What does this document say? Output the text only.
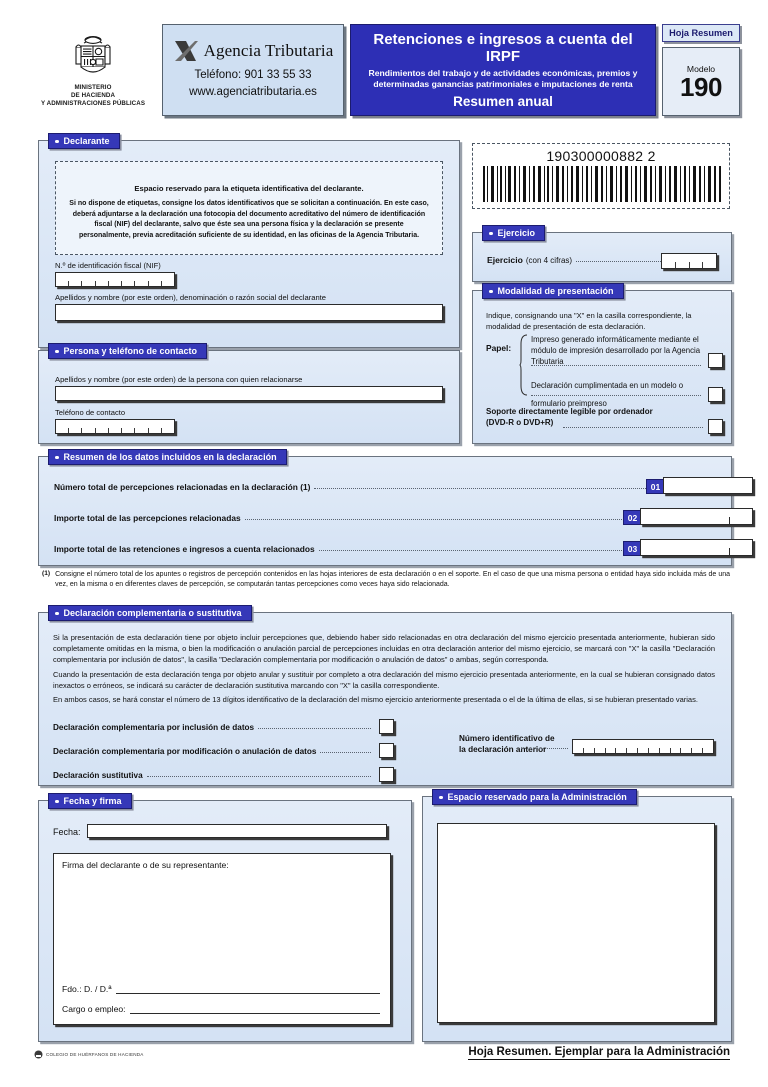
MINISTERIO
DE HACIENDA
Y ADMINISTRACIONES PÚBLICAS
Agencia Tributaria
Teléfono: 901 33 55 33
www.agenciatributaria.es
Retenciones e ingresos a cuenta del IRPF
Rendimientos del trabajo y de actividades económicas, premios y
determinadas ganancias patrimoniales e imputaciones de renta
Resumen anual
Hoja Resumen
Modelo
190
Declarante
Espacio reservado para la etiqueta identificativa del declarante.
Si no dispone de etiquetas, consigne los datos identificativos que se solicitan a continuación. En este caso, deberá adjuntarse a la declaración una fotocopia del documento acreditativo del número de identificación fiscal (NIF) del declarante, salvo que éste sea una persona física y la declaración se presente personalmente, previa acreditación suficiente de su identidad, en las oficinas de la Agencia Tributaria.
N.º de identificación fiscal (NIF)
Apellidos y nombre (por este orden), denominación o razón social del declarante
Persona y teléfono de contacto
Apellidos y nombre (por este orden) de la persona con quien relacionarse
Teléfono de contacto
190300000882 2
Ejercicio
Ejercicio (con 4 cifras)
Modalidad de presentación
Indique, consignando una "X" en la casilla correspondiente, la modalidad de presentación de esta declaración.
Papel:
Impreso generado informáticamente mediante el módulo de impresión desarrollado por la Agencia Tributaria
Declaración cumplimentada en un modelo o formulario preimpreso
Soporte directamente legible por ordenador
(DVD-R o DVD+R)
Resumen de los datos incluidos en la declaración
Número total de percepciones relacionadas en la declaración (1)	01
Importe total de las percepciones relacionadas	02
Importe total de las retenciones e ingresos a cuenta relacionados	03
(1) Consigne el número total de los apuntes o registros de percepción contenidos en las hojas interiores de esta declaración o en el soporte. En el caso de que una misma persona o entidad haya sido incluida más de una vez, en la misma o en diferentes claves de percepción, se computarán tantas percepciones como veces haya sido relacionada.
Declaración complementaria o sustitutiva
Si la presentación de esta declaración tiene por objeto incluir percepciones que, debiendo haber sido relacionadas en otra declaración del mismo ejercicio presentada anteriormente, hubieran sido completamente omitidas en la misma, o bien la modificación o anulación parcial de percepciones incluidas en otra declaración anterior del mismo ejercicio, se marcará con "X" la casilla "Declaración complementaria por inclusión de datos", la casilla "Declaración complementaria por modificación o anulación de datos" o ambas, según corresponda.
Cuando la presentación de esta declaración tenga por objeto anular y sustituir por completo a otra declaración del mismo ejercicio presentada anteriormente, en la cual se hubieran consignado datos inexactos o erróneos, se indicará su carácter de declaración sustitutiva marcando con "X" la casilla correspondiente.
En ambos casos, se hará constar el número de 13 dígitos identificativo de la declaración del mismo ejercicio anteriormente presentada o el de la última de ellas, si se hubieran presentado varias.
Declaración complementaria por inclusión de datos
Declaración complementaria por modificación o anulación de datos
Declaración sustitutiva
Número identificativo de
la declaración anterior
Fecha y firma
Fecha:
Firma del declarante o de su representante:
Fdo.: D. / D.ª
Cargo o empleo:
Espacio reservado para la Administración
COLEGIO DE HUÉRFANOS DE HACIENDA	Hoja Resumen. Ejemplar para la Administración
